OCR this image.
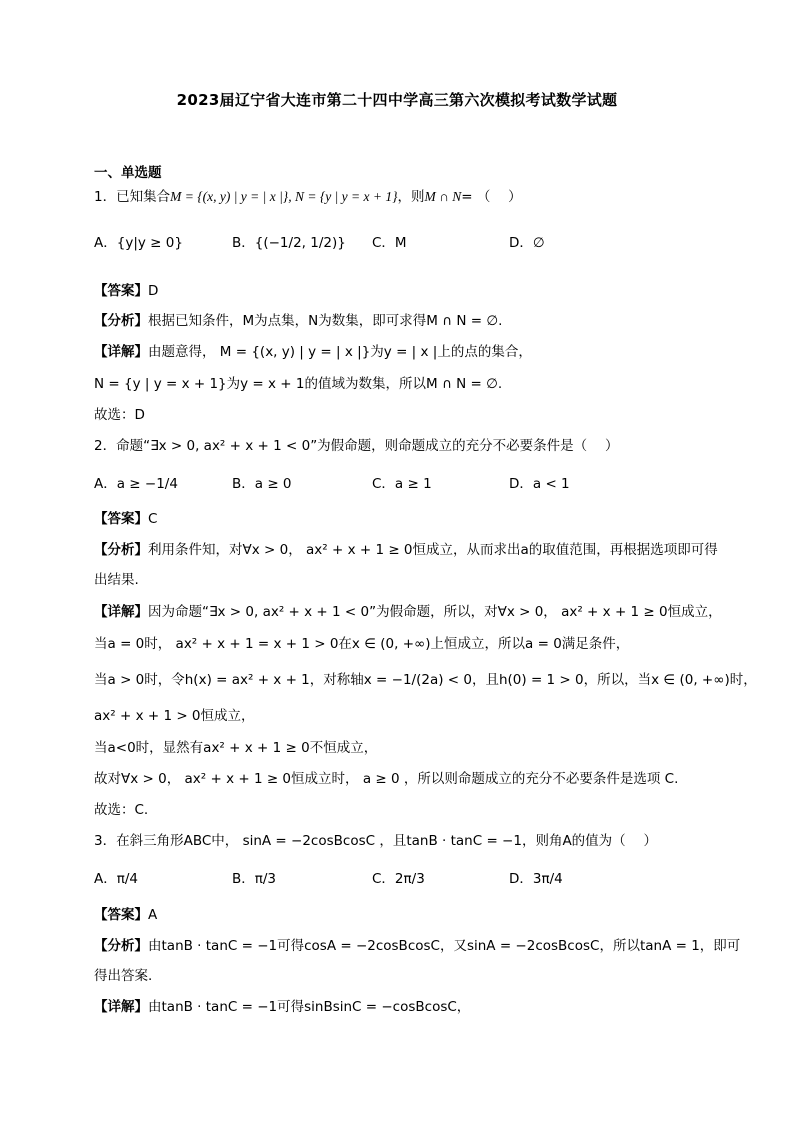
2023届辽宁省大连市第二十四中学高三第六次模拟考试数学试题
一、单选题
1．已知集合M = {(x, y) | y = | x |}, N = {y | y = x + 1}，则M ∩ N= （　 ）
A．{y|y ≥ 0}	B．{(−1/2, 1/2)} C．M	D．∅
【答案】D
【分析】根据已知条件，M为点集，N为数集，即可求得M ∩ N = ∅.
【详解】由题意得， M = {(x, y) | y = | x |}为y = | x |上的点的集合，
N = {y | y = x + 1}为y = x + 1的值域为数集，所以M ∩ N = ∅.
故选：D
2．命题“∃x > 0, ax² + x + 1 < 0”为假命题，则命题成立的充分不必要条件是（　 ）
A．a ≥ −1/4	B．a ≥ 0	C．a ≥ 1	D．a < 1
【答案】C
【分析】利用条件知，对∀x > 0， ax² + x + 1 ≥ 0恒成立，从而求出a的取值范围，再根据选项即可得
出结果.
【详解】因为命题“∃x > 0, ax² + x + 1 < 0”为假命题，所以，对∀x > 0， ax² + x + 1 ≥ 0恒成立，
当a = 0时， ax² + x + 1 = x + 1 > 0在x ∈ (0, +∞)上恒成立，所以a = 0满足条件，
当a > 0时，令h(x) = ax² + x + 1，对称轴x = −1/(2a) < 0，且h(0) = 1 > 0，所以，当x ∈ (0, +∞)时，
ax² + x + 1 > 0恒成立，
当a<0时，显然有ax² + x + 1 ≥ 0不恒成立，
故对∀x > 0， ax² + x + 1 ≥ 0恒成立时， a ≥ 0 ，所以则命题成立的充分不必要条件是选项 C.
故选：C.
3．在斜三角形ABC中， sinA = −2cosBcosC ，且tanB · tanC = −1，则角A的值为（　 ）
A．π/4	B．π/3	C．2π/3	D．3π/4
【答案】A
【分析】由tanB · tanC = −1可得cosA = −2cosBcosC，又sinA = −2cosBcosC，所以tanA = 1，即可
得出答案.
【详解】由tanB · tanC = −1可得sinBsinC = −cosBcosC，
